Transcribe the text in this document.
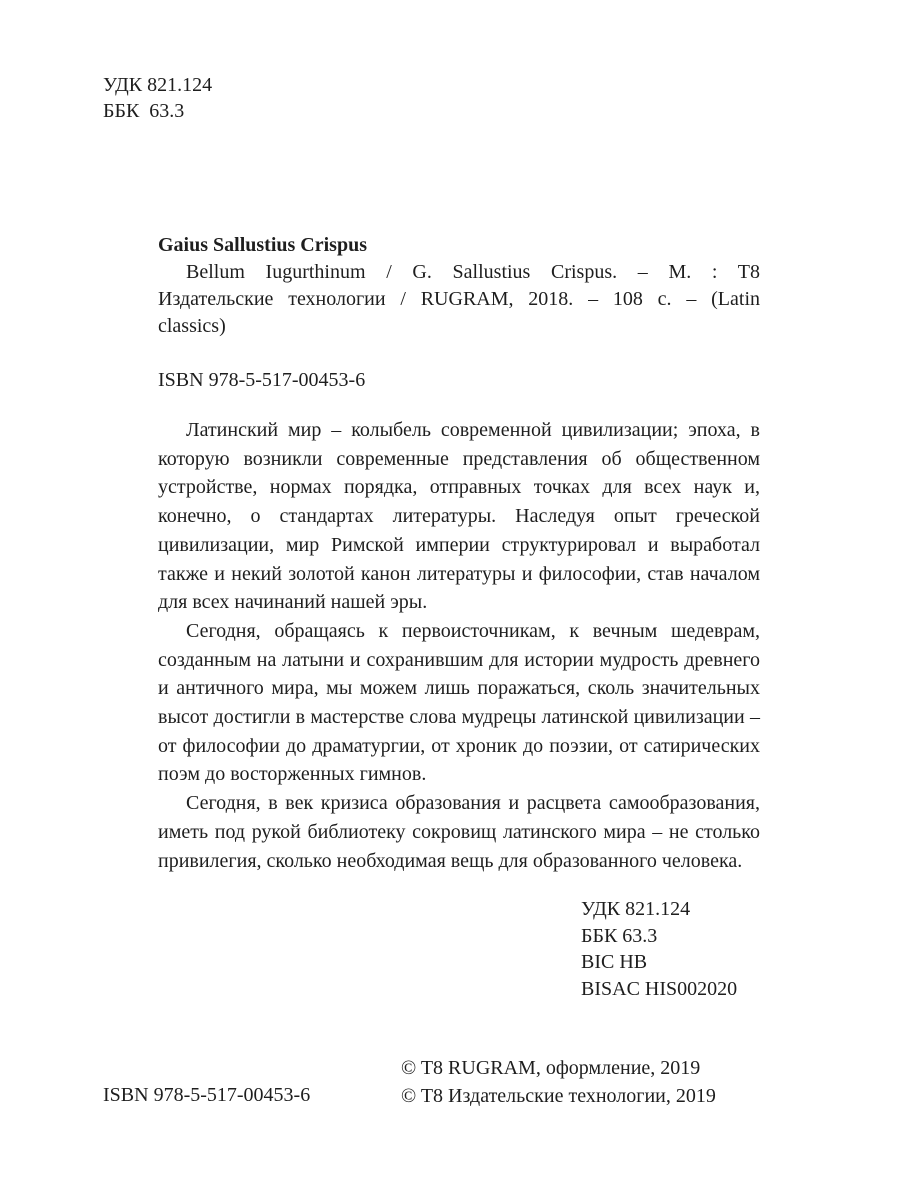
УДК 821.124
ББК  63.3
Gaius Sallustius Crispus
Bellum Iugurthinum / G. Sallustius Crispus. – M. : T8 Издательские технологии / RUGRAM, 2018. – 108 с. – (Latin classics)
ISBN 978-5-517-00453-6

Латинский мир – колыбель современной цивилизации; эпоха, в которую возникли современные представления об общественном устройстве, нормах порядка, отправных точках для всех наук и, конечно, о стандартах литературы. Наследуя опыт греческой цивилизации, мир Римской империи структурировал и выработал также и некий золотой канон литературы и философии, став началом для всех начинаний нашей эры.

Сегодня, обращаясь к первоисточникам, к вечным шедеврам, созданным на латыни и сохранившим для истории мудрость древнего и античного мира, мы можем лишь поражаться, сколь значительных высот достигли в мастерстве слова мудрецы латинской цивилизации – от философии до драматургии, от хроник до поэзии, от сатирических поэм до восторженных гимнов.

Сегодня, в век кризиса образования и расцвета самообразования, иметь под рукой библиотеку сокровищ латинского мира – не столько привилегия, сколько необходимая вещь для образованного человека.

УДК 821.124
ББК 63.3
BIC HB
BISAC HIS002020
ISBN 978-5-517-00453-6
© T8 RUGRAM, оформление, 2019
© T8 Издательские технологии, 2019
